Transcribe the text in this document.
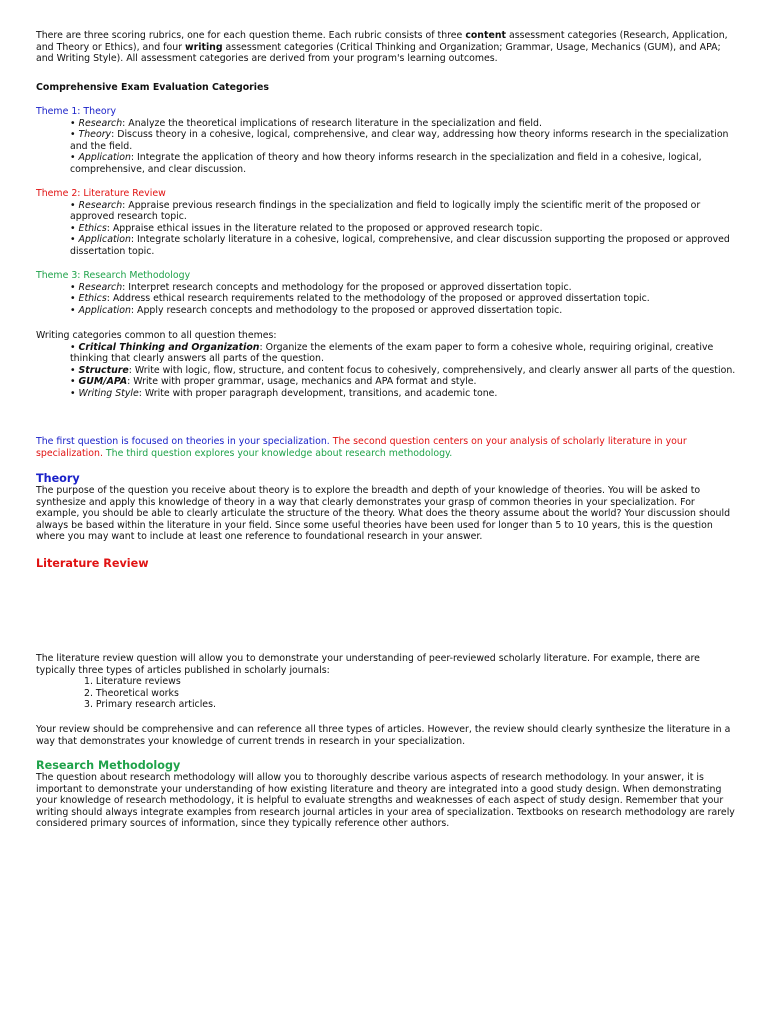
There are three scoring rubrics, one for each question theme. Each rubric consists of three content assessment categories (Research, Application, and Theory or Ethics), and four writing assessment categories (Critical Thinking and Organization; Grammar, Usage, Mechanics (GUM), and APA; and Writing Style). All assessment categories are derived from your program's learning outcomes.

Comprehensive Exam Evaluation Categories

Theme 1: Theory

• Research: Analyze the theoretical implications of research literature in the specialization and field.

• Theory: Discuss theory in a cohesive, logical, comprehensive, and clear way, addressing how theory informs research in the specialization and the field.

• Application: Integrate the application of theory and how theory informs research in the specialization and field in a cohesive, logical, comprehensive, and clear discussion.

Theme 2: Literature Review

• Research: Appraise previous research findings in the specialization and field to logically imply the scientific merit of the proposed or approved research topic.

• Ethics: Appraise ethical issues in the literature related to the proposed or approved research topic.

• Application: Integrate scholarly literature in a cohesive, logical, comprehensive, and clear discussion supporting the proposed or approved dissertation topic.

Theme 3: Research Methodology

• Research: Interpret research concepts and methodology for the proposed or approved dissertation topic.

• Ethics: Address ethical research requirements related to the methodology of the proposed or approved dissertation topic.

• Application: Apply research concepts and methodology to the proposed or approved dissertation topic.

Writing categories common to all question themes:

• Critical Thinking and Organization: Organize the elements of the exam paper to form a cohesive whole, requiring original, creative thinking that clearly answers all parts of the question.

• Structure: Write with logic, flow, structure, and content focus to cohesively, comprehensively, and clearly answer all parts of the question.

• GUM/APA: Write with proper grammar, usage, mechanics and APA format and style.

• Writing Style: Write with proper paragraph development, transitions, and academic tone.

The first question is focused on theories in your specialization. The second question centers on your analysis of scholarly literature in your specialization. The third question explores your knowledge about research methodology.

Theory

The purpose of the question you receive about theory is to explore the breadth and depth of your knowledge of theories. You will be asked to synthesize and apply this knowledge of theory in a way that clearly demonstrates your grasp of common theories in your specialization. For example, you should be able to clearly articulate the structure of the theory. What does the theory assume about the world? Your discussion should always be based within the literature in your field. Since some useful theories have been used for longer than 5 to 10 years, this is the question where you may want to include at least one reference to foundational research in your answer.

Literature Review

The literature review question will allow you to demonstrate your understanding of peer-reviewed scholarly literature. For example, there are typically three types of articles published in scholarly journals:

1. Literature reviews
2. Theoretical works
3. Primary research articles.

Your review should be comprehensive and can reference all three types of articles. However, the review should clearly synthesize the literature in a way that demonstrates your knowledge of current trends in research in your specialization.

Research Methodology

The question about research methodology will allow you to thoroughly describe various aspects of research methodology. In your answer, it is important to demonstrate your understanding of how existing literature and theory are integrated into a good study design. When demonstrating your knowledge of research methodology, it is helpful to evaluate strengths and weaknesses of each aspect of study design. Remember that your writing should always integrate examples from research journal articles in your area of specialization. Textbooks on research methodology are rarely considered primary sources of information, since they typically reference other authors.
